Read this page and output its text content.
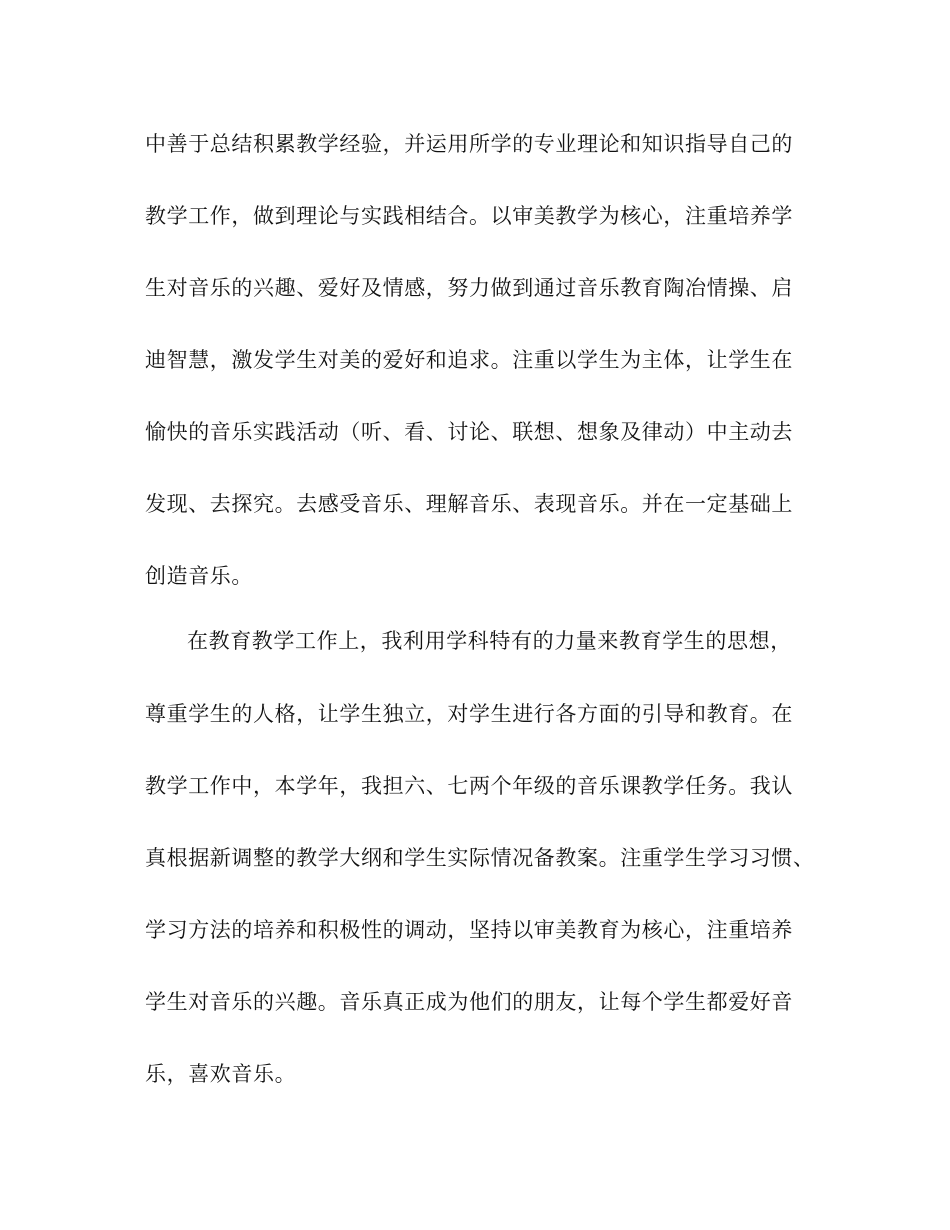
中善于总结积累教学经验，并运用所学的专业理论和知识指导自己的
教学工作，做到理论与实践相结合。以审美教学为核心，注重培养学
生对音乐的兴趣、爱好及情感，努力做到通过音乐教育陶冶情操、启
迪智慧，激发学生对美的爱好和追求。注重以学生为主体，让学生在
愉快的音乐实践活动（听、看、讨论、联想、想象及律动）中主动去
发现、去探究。去感受音乐、理解音乐、表现音乐。并在一定基础上
创造音乐。
在教育教学工作上，我利用学科特有的力量来教育学生的思想，
尊重学生的人格，让学生独立，对学生进行各方面的引导和教育。在
教学工作中，本学年，我担六、七两个年级的音乐课教学任务。我认
真根据新调整的教学大纲和学生实际情况备教案。注重学生学习习惯、
学习方法的培养和积极性的调动，坚持以审美教育为核心，注重培养
学生对音乐的兴趣。音乐真正成为他们的朋友，让每个学生都爱好音
乐，喜欢音乐。
